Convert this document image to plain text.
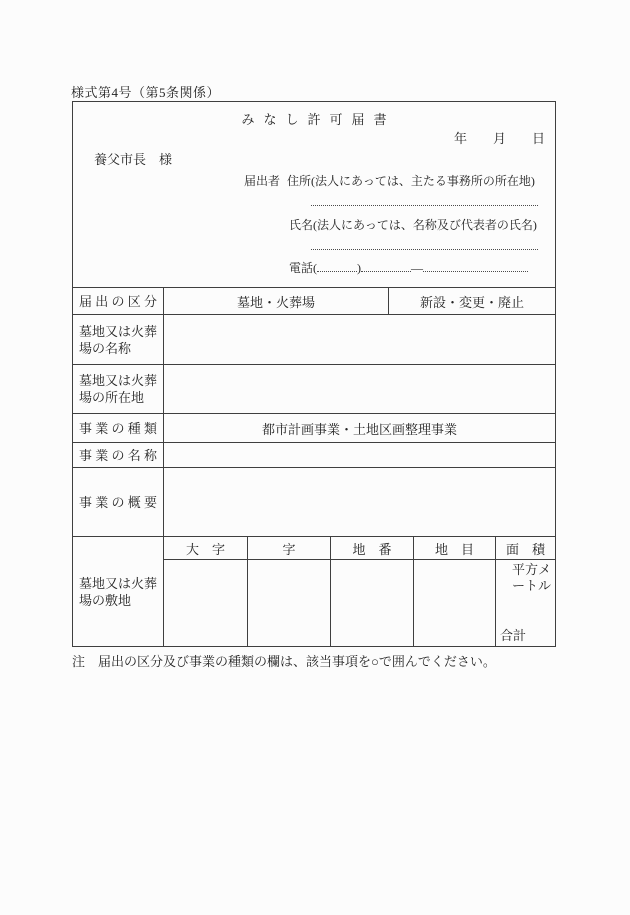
様式第4号（第5条関係）
みなし許可届書
年　　月　　日
養父市長　様
届出者 住所(法人にあっては、主たる事務所の所在地)
氏名(法人にあっては、名称及び代表者の氏名)
電話(	)	—
届出の区分	墓地・火葬場	新設・変更・廃止
墓地又は火葬場の名称
墓地又は火葬場の所在地
事業の種類	都市計画事業・土地区画整理事業
事業の名称
事業の概要
墓地又は火葬場の敷地
大　字	字	地　番	地　目	面　積
平方メートル
合計
注　届出の区分及び事業の種類の欄は、該当事項を○で囲んでください。
